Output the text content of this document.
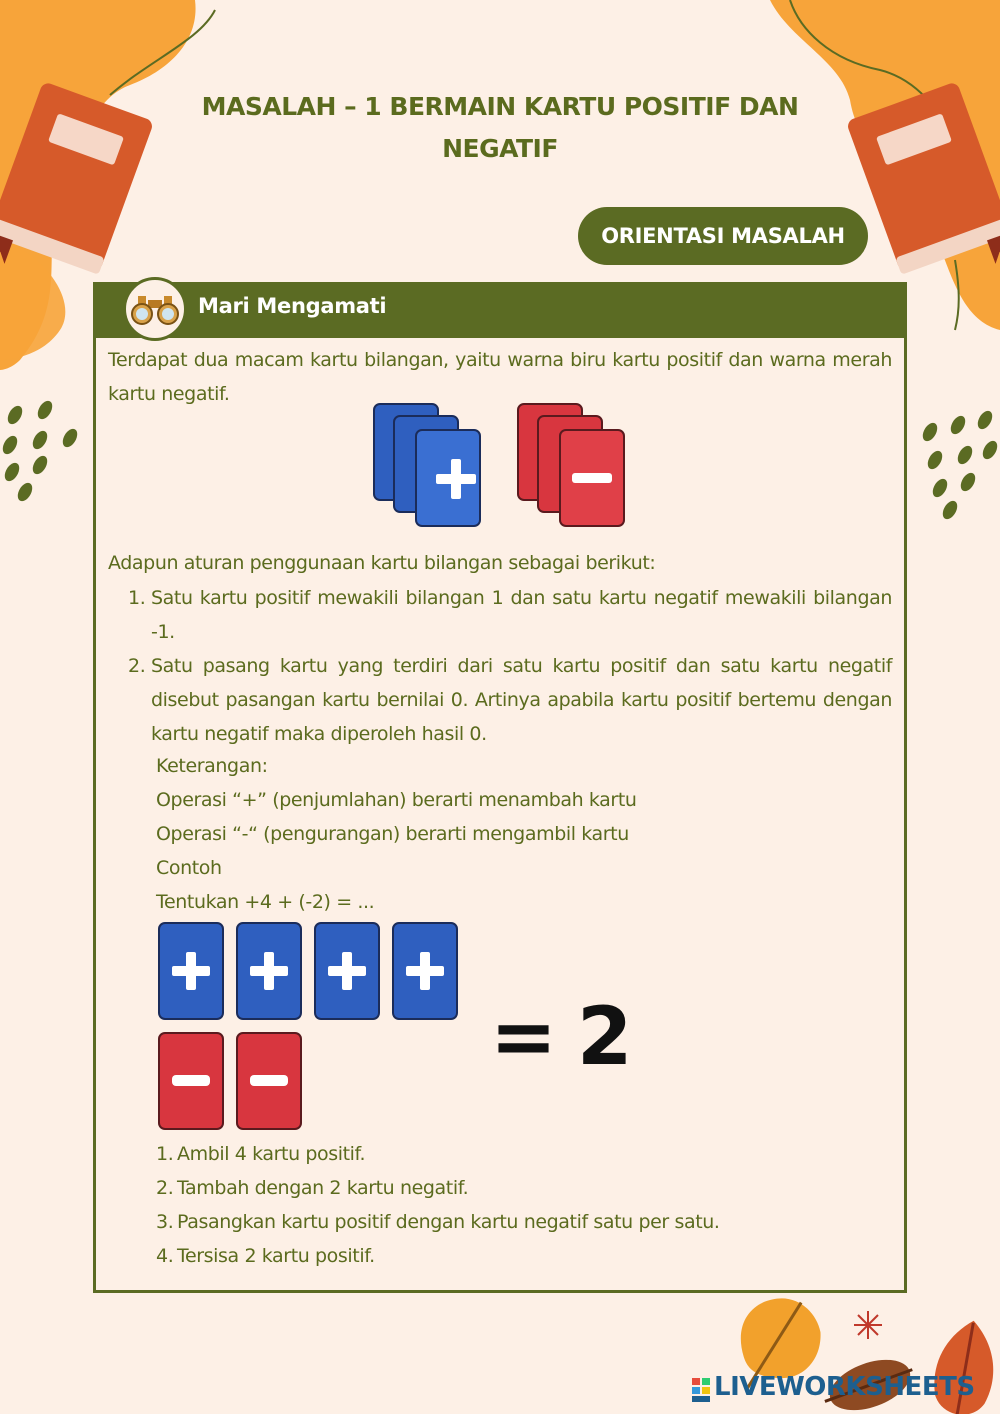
MASALAH – 1 BERMAIN KARTU POSITIF DAN NEGATIF
ORIENTASI MASALAH
Mari Mengamati
Terdapat dua macam kartu bilangan, yaitu warna biru kartu positif dan warna merah kartu negatif.
Adapun aturan penggunaan kartu bilangan sebagai berikut:
1. Satu kartu positif mewakili bilangan 1 dan satu kartu negatif mewakili bilangan -1.
2. Satu pasang kartu yang terdiri dari satu kartu positif dan satu kartu negatif disebut pasangan kartu bernilai 0. Artinya apabila kartu positif bertemu dengan kartu negatif maka diperoleh hasil 0.
Keterangan:
Operasi “+” (penjumlahan) berarti menambah kartu
Operasi “-“ (pengurangan) berarti mengambil kartu
Contoh
Tentukan +4 + (-2) = ...
= 2
1. Ambil 4 kartu positif.
2. Tambah dengan 2 kartu negatif.
3. Pasangkan kartu positif dengan kartu negatif satu per satu.
4. Tersisa 2 kartu positif.
LIVEWORKSHEETS
